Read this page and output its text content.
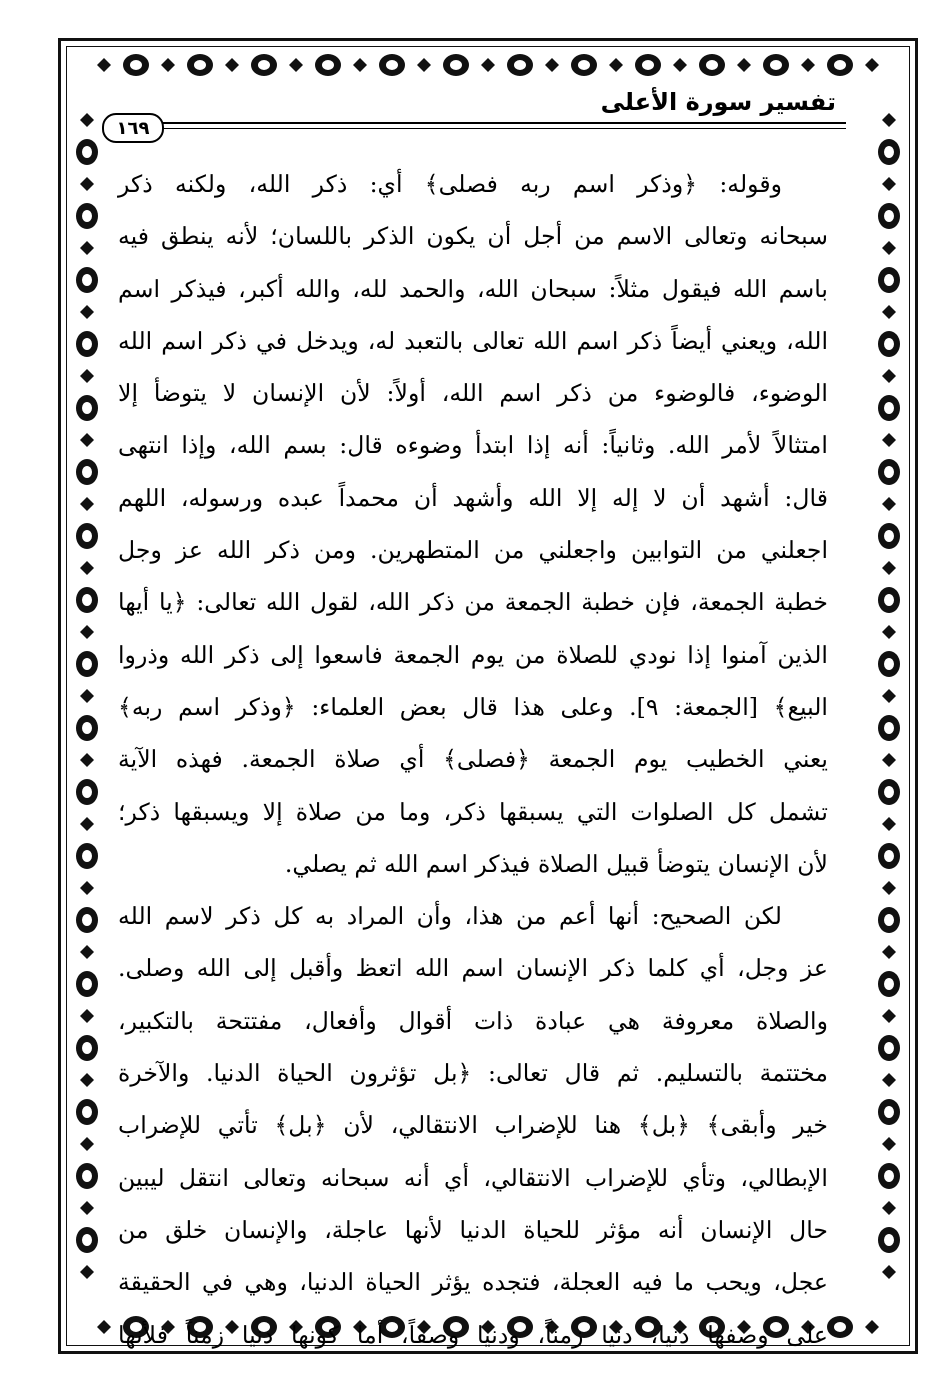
تفسير سورة الأعلى
١٦٩
وقوله: ﴿وذكر اسم ربه فصلى﴾ أي: ذكر الله، ولكنه ذكر
سبحانه وتعالى الاسم من أجل أن يكون الذكر باللسان؛ لأنه ينطق فيه
باسم الله فيقول مثلاً: سبحان الله، والحمد لله، والله أكبر، فيذكر اسم
الله، ويعني أيضاً ذكر اسم الله تعالى بالتعبد له، ويدخل في ذكر اسم الله
الوضوء، فالوضوء من ذكر اسم الله، أولاً: لأن الإنسان لا يتوضأ إلا
امتثالاً لأمر الله. وثانياً: أنه إذا ابتدأ وضوءه قال: بسم الله، وإذا انتهى
قال: أشهد أن لا إله إلا الله وأشهد أن محمداً عبده ورسوله، اللهم
اجعلني من التوابين واجعلني من المتطهرين. ومن ذكر الله عز وجل
خطبة الجمعة، فإن خطبة الجمعة من ذكر الله، لقول الله تعالى: ﴿يا أيها
الذين آمنوا إذا نودي للصلاة من يوم الجمعة فاسعوا إلى ذكر الله وذروا
البيع﴾ [الجمعة: ٩]. وعلى هذا قال بعض العلماء: ﴿وذكر اسم ربه﴾
يعني الخطيب يوم الجمعة ﴿فصلى﴾ أي صلاة الجمعة. فهذه الآية
تشمل كل الصلوات التي يسبقها ذكر، وما من صلاة إلا ويسبقها ذكر؛
لأن الإنسان يتوضأ قبيل الصلاة فيذكر اسم الله ثم يصلي.
لكن الصحيح: أنها أعم من هذا، وأن المراد به كل ذكر لاسم الله
عز وجل، أي كلما ذكر الإنسان اسم الله اتعظ وأقبل إلى الله وصلى.
والصلاة معروفة هي عبادة ذات أقوال وأفعال، مفتتحة بالتكبير،
مختتمة بالتسليم. ثم قال تعالى: ﴿بل تؤثرون الحياة الدنيا. والآخرة
خير وأبقى﴾ ﴿بل﴾ هنا للإضراب الانتقالي، لأن ﴿بل﴾ تأتي للإضراب
الإبطالي، وتأي للإضراب الانتقالي، أي أنه سبحانه وتعالى انتقل ليبين
حال الإنسان أنه مؤثر للحياة الدنيا لأنها عاجلة، والإنسان خلق من
عجل، ويحب ما فيه العجلة، فتجده يؤثر الحياة الدنيا، وهي في الحقيقة
على وصفها دنيا، دنيا زمناً، ودنيا وصفاً، أما كونها دنيا زمناً فلأنها
